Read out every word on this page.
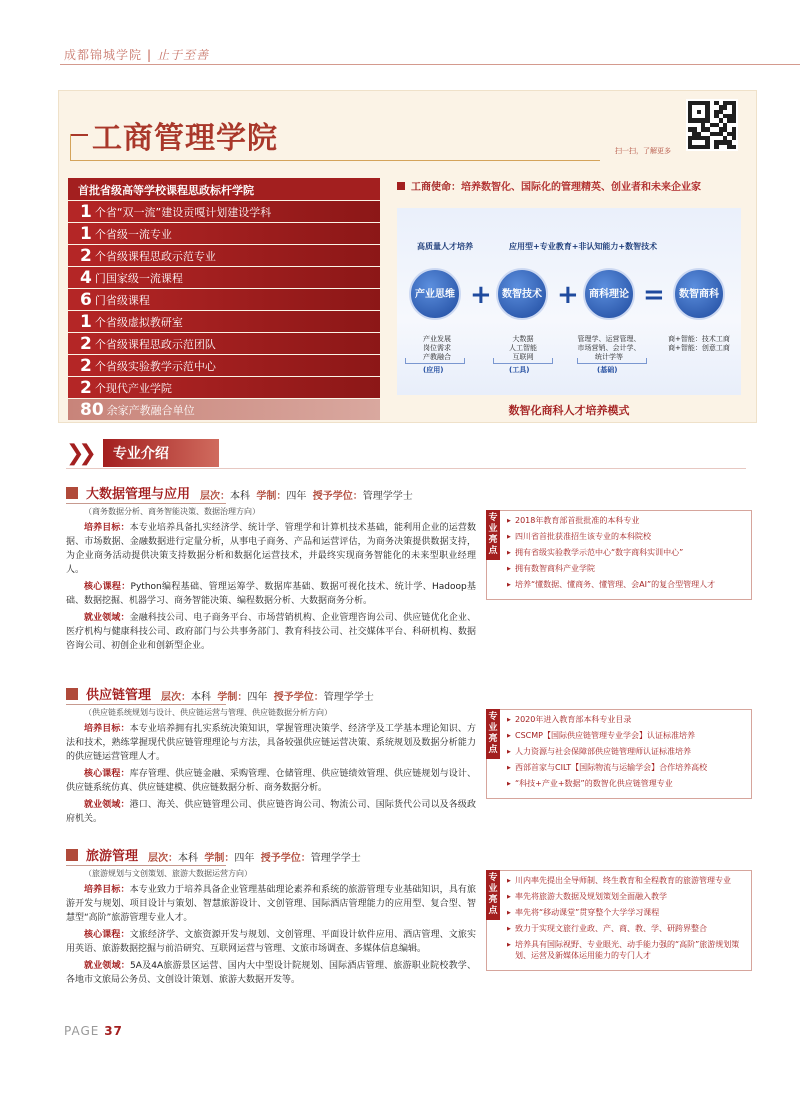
成都锦城学院 | 止于至善
工商管理学院	扫一扫，了解更多
首批省级高等学校课程思政标杆学院
1 个省“双一流”建设贡嘎计划建设学科
1 个省级一流专业
2 个省级课程思政示范专业
4 门国家级一流课程
6 门省级课程
1 个省级虚拟教研室
2 个省级课程思政示范团队
2 个省级实验教学示范中心
2 个现代产业学院
80 余家产教融合单位
工商使命：培养数智化、国际化的管理精英、创业者和未来企业家
高质量人才培养	应用型+专业教育+非认知能力+数智技术
产业思维 +	数智技术 +	商科理论 =	数智商科
产业发展
岗位需求
产教融合
大数据
人工智能
互联网
管理学、运营管理、
市场营销、会计学、
统计学等
商+智能：技术工商
商+智能：创意工商
(应用)	(工具)	(基础)
数智化商科人才培养模式
❯❯	专业介绍
大数据管理与应用 层次：本科 学制：四年 授予学位：管理学学士
（商务数据分析、商务智能决策、数据治理方向）

培养目标：本专业培养具备扎实经济学、统计学、管理学和计算机技术基础，能利用企业的运营数据、市场数据、金融数据进行定量分析，从事电子商务、产品和运营评估，为商务决策提供数据支持，为企业商务活动提供决策支持数据分析和数据化运营技术，并最终实现商务智能化的未来型职业经理人。

核心课程：Python编程基础、管理运筹学、数据库基础、数据可视化技术、统计学、Hadoop基础、数据挖掘、机器学习、商务智能决策、编程数据分析、大数据商务分析。

就业领域：金融科技公司、电子商务平台、市场营销机构、企业管理咨询公司、供应链优化企业、医疗机构与健康科技公司、政府部门与公共事务部门、教育科技公司、社交媒体平台、科研机构、数据咨询公司、初创企业和创新型企业。

专业亮点
▶ 2018年教育部首批批准的本科专业
▶ 四川省首批获准招生该专业的本科院校
▶ 拥有省级实验教学示范中心“数字商科实训中心”
▶ 拥有数智商科产业学院
▶ 培养“懂数据、懂商务、懂管理、会AI”的复合型管理人才
供应链管理 层次：本科 学制：四年 授予学位：管理学学士
（供应链系统规划与设计、供应链运营与管理、供应链数据分析方向）

培养目标：本专业培养拥有扎实系统决策知识，掌握管理决策学、经济学及工学基本理论知识、方法和技术，熟练掌握现代供应链管理理论与方法，具备较强供应链运营决策、系统规划及数据分析能力的供应链运营管理人才。

核心课程：库存管理、供应链金融、采购管理、仓储管理、供应链绩效管理、供应链规划与设计、供应链系统仿真、供应链建模、供应链数据分析、商务数据分析。

就业领域：港口、海关、供应链管理公司、供应链咨询公司、物流公司、国际货代公司以及各级政府机关。

专业亮点
▶ 2020年进入教育部本科专业目录
▶ CSCMP【国际供应链管理专业学会】认证标准培养
▶ 人力资源与社会保障部供应链管理师认证标准培养
▶ 西部首家与CILT【国际物流与运输学会】合作培养高校
▶ “科技+产业+数据”的数智化供应链管理专业
旅游管理 层次：本科 学制：四年 授予学位：管理学学士
（旅游规划与文创策划、旅游大数据运营方向）

培养目标：本专业致力于培养具备企业管理基础理论素养和系统的旅游管理专业基础知识，具有旅游开发与规划、项目设计与策划、智慧旅游设计、文创管理、国际酒店管理能力的应用型、复合型、智慧型“高阶”旅游管理专业人才。

核心课程：文旅经济学、文旅资源开发与规划、文创管理、平面设计软件应用、酒店管理、文旅实用英语、旅游数据挖掘与前沿研究、互联网运营与管理、文旅市场调查、多媒体信息编辑。

就业领域：5A及4A旅游景区运营、国内大中型设计院规划、国际酒店管理、旅游职业院校教学、各地市文旅局公务员、文创设计策划、旅游大数据开发等。

专业亮点
▶ 川内率先提出全导师制、终生教育和全程教育的旅游管理专业
▶ 率先将旅游大数据及规划策划全面融入教学
▶ 率先将“移动课堂”贯穿整个大学学习课程
▶ 致力于实现文旅行业政、产、商、教、学、研跨界整合
▶ 培养具有国际视野、专业眼光、动手能力强的“高阶”旅游规划策划、运营及新媒体运用能力的专门人才
PAGE 37
